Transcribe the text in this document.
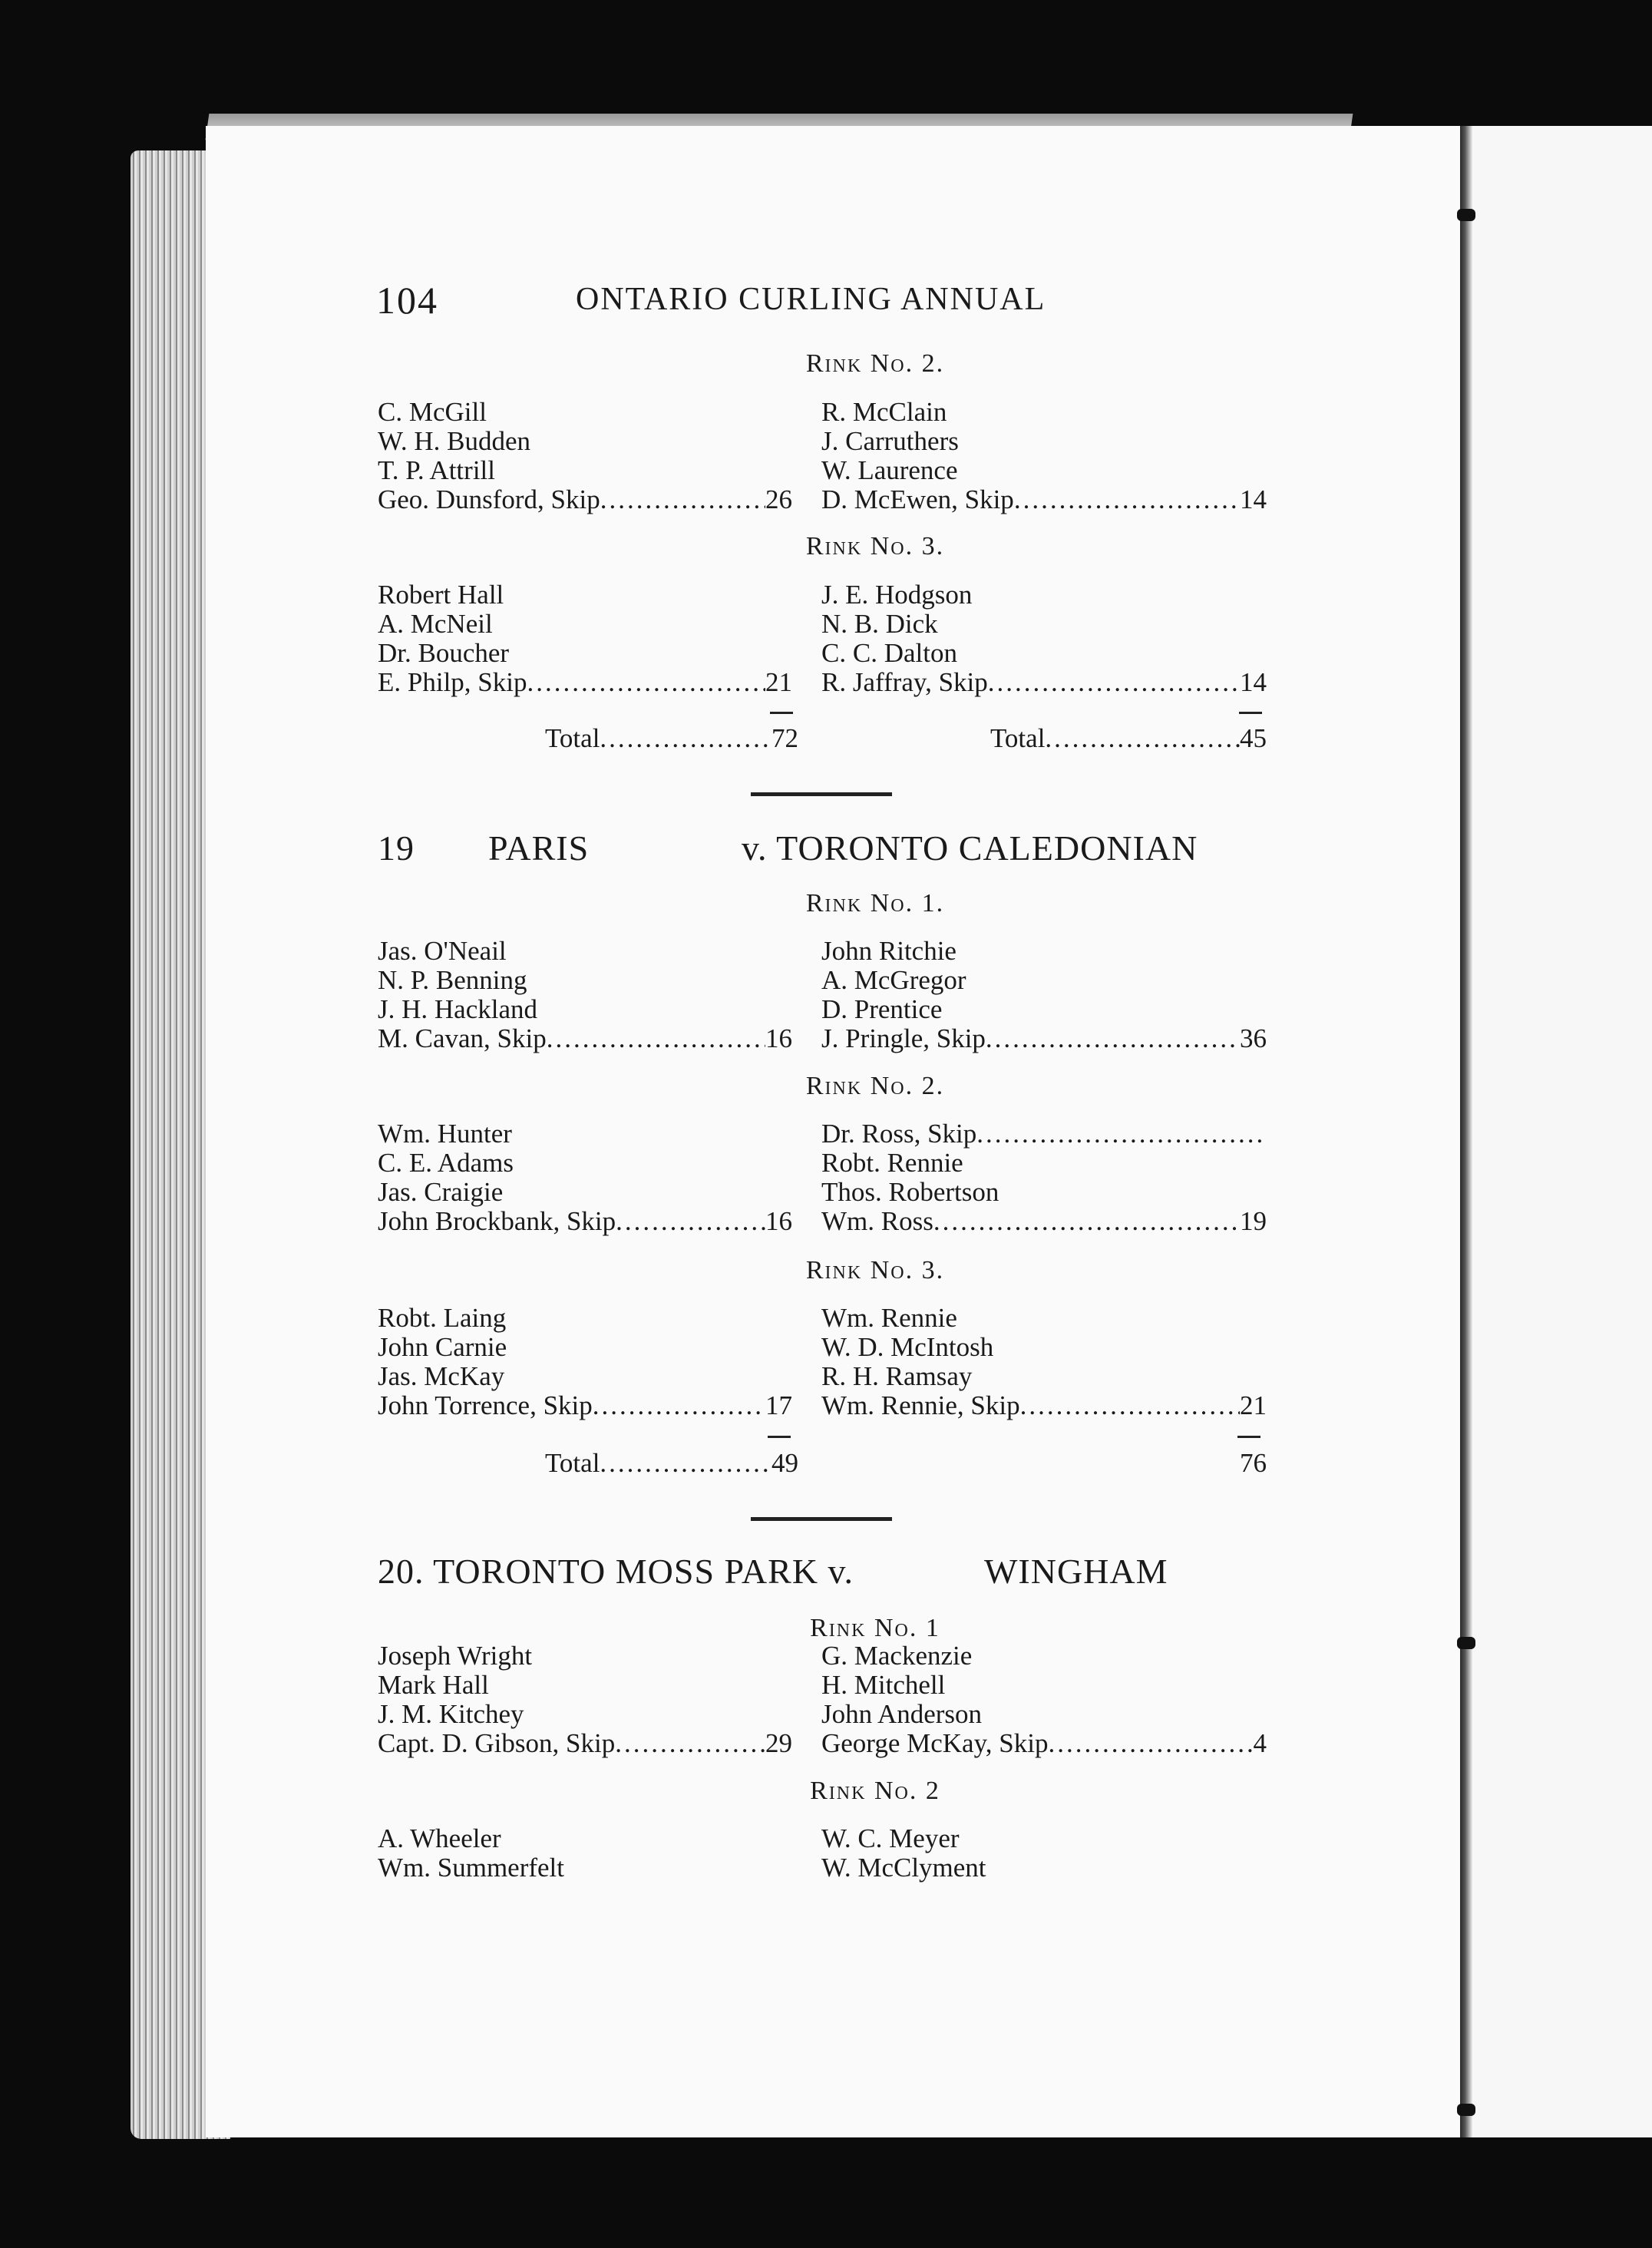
104	ONTARIO CURLING ANNUAL
Rink No. 2.
C. McGill
W. H. Budden
T. P. Attrill
Geo. Dunsford, Skip .....	26
R. McClain
J. Carruthers
W. Laurence
D. McEwen, Skip .....	14
Rink No. 3.
Robert Hall
A. McNeil
Dr. Boucher
E. Philp, Skip .....	21
J. E. Hodgson
N. B. Dick
C. C. Dalton
R. Jaffray, Skip .....	14
Total .....	72	Total .....	45
19 PARIS	v. TORONTO CALEDONIAN
Rink No. 1.
Jas. O'Neail
N. P. Benning
J. H. Hackland
M. Cavan, Skip .....	16
John Ritchie
A. McGregor
D. Prentice
J. Pringle, Skip .....	36
Rink No. 2.
Wm. Hunter
C. E. Adams
Jas. Craigie
John Brockbank, Skip .....	16
Dr. Ross, Skip
.....
Robt. Rennie
Thos. Robertson
Wm. Ross .....	19
Rink No. 3.
Robt. Laing
John Carnie
Jas. McKay
John Torrence, Skip .....	17
Wm. Rennie
W. D. McIntosh
R. H. Ramsay
Wm. Rennie, Skip .....	21
Total .....	49	76
20. TORONTO MOSS PARK v.	WINGHAM
Rink No. 1
Joseph Wright
Mark Hall
J. M. Kitchey
Capt. D. Gibson, Skip .....	29
G. Mackenzie
H. Mitchell
John Anderson
George McKay, Skip .....	4
Rink No. 2
A. Wheeler
Wm. Summerfelt
W. C. Meyer
W. McClyment
